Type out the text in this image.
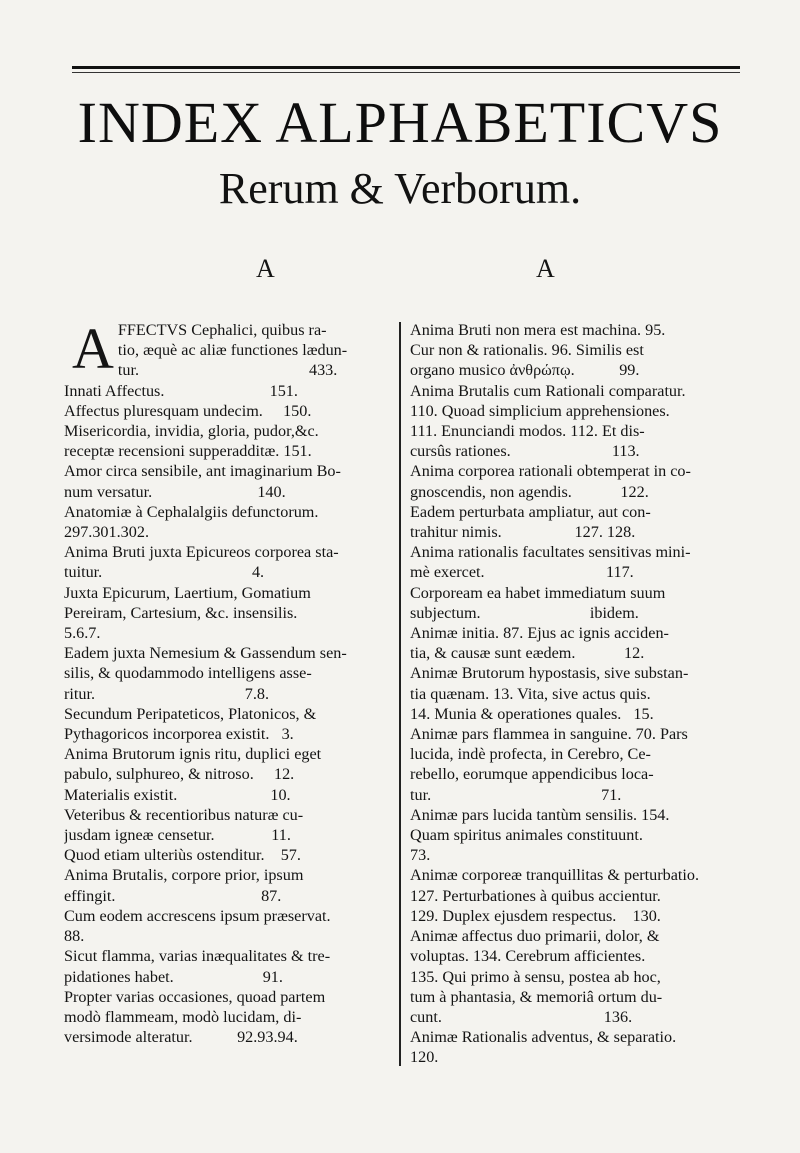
INDEX ALPHABETICVS
Rerum & Verborum.
A	A
A FFECTVS Cephalici, quibus ra-

tio, æquè ac aliæ functiones lædun-

tur.                                          433.

Innati Affectus.                          151.

Affectus pluresquam undecim.     150.

Misericordia, invidia, gloria, pudor,&c.

receptæ recensioni supperadditæ. 151.

Amor circa sensibile, ant imaginarium Bo-

num versatur.                          140.

Anatomiæ à Cephalalgiis defunctorum.

297.301.302.

Anima Bruti juxta Epicureos corporea sta-

tuitur.                                     4.

Juxta Epicurum, Laertium, Gomatium

Pereiram, Cartesium, &c. insensilis.

5.6.7.

Eadem juxta Nemesium & Gassendum sen-

silis, & quodammodo intelligens asse-

ritur.                                     7.8.

Secundum Peripateticos, Platonicos, &

Pythagoricos incorporea existit.   3.

Anima Brutorum ignis ritu, duplici eget

pabulo, sulphureo, & nitroso.     12.

Materialis existit.                       10.

Veteribus & recentioribus naturæ cu-

jusdam igneæ censetur.              11.

Quod etiam ulteriùs ostenditur.    57.

Anima Brutalis, corpore prior, ipsum

effingit.                                    87.

Cum eodem accrescens ipsum præservat.

88.

Sicut flamma, varias inæqualitates & tre-

pidationes habet.                      91.

Propter varias occasiones, quoad partem

modò flammeam, modò lucidam, di-

versimode alteratur.           92.93.94.

Anima Bruti non mera est machina. 95.

Cur non & rationalis. 96. Similis est

organo musico ἀνθρώπῳ.           99.

Anima Brutalis cum Rationali comparatur.

110. Quoad simplicium apprehensiones.

111. Enunciandi modos. 112. Et dis-

cursûs rationes.                         113.

Anima corporea rationali obtemperat in co-

gnoscendis, non agendis.            122.

Eadem perturbata ampliatur, aut con-

trahitur nimis.                  127. 128.

Anima rationalis facultates sensitivas mini-

mè exercet.                              117.

Corpoream ea habet immediatum suum

subjectum.                           ibidem.

Animæ initia. 87. Ejus ac ignis acciden-

tia, & causæ sunt eædem.            12.

Animæ Brutorum hypostasis, sive substan-

tia quænam. 13. Vita, sive actus quis.

14. Munia & operationes quales.   15.

Animæ pars flammea in sanguine. 70. Pars

lucida, indè profecta, in Cerebro, Ce-

rebello, eorumque appendicibus loca-

tur.                                          71.

Animæ pars lucida tantùm sensilis. 154.

Quam spiritus animales constituunt.

73.

Animæ corporeæ tranquillitas & perturbatio.

127. Perturbationes à quibus accientur.

129. Duplex ejusdem respectus.    130.

Animæ affectus duo primarii, dolor, &

voluptas. 134. Cerebrum afficientes.

135. Qui primo à sensu, postea ab hoc,

tum à phantasia, & memoriâ ortum du-

cunt.                                        136.

Animæ Rationalis adventus, & separatio.

120.
